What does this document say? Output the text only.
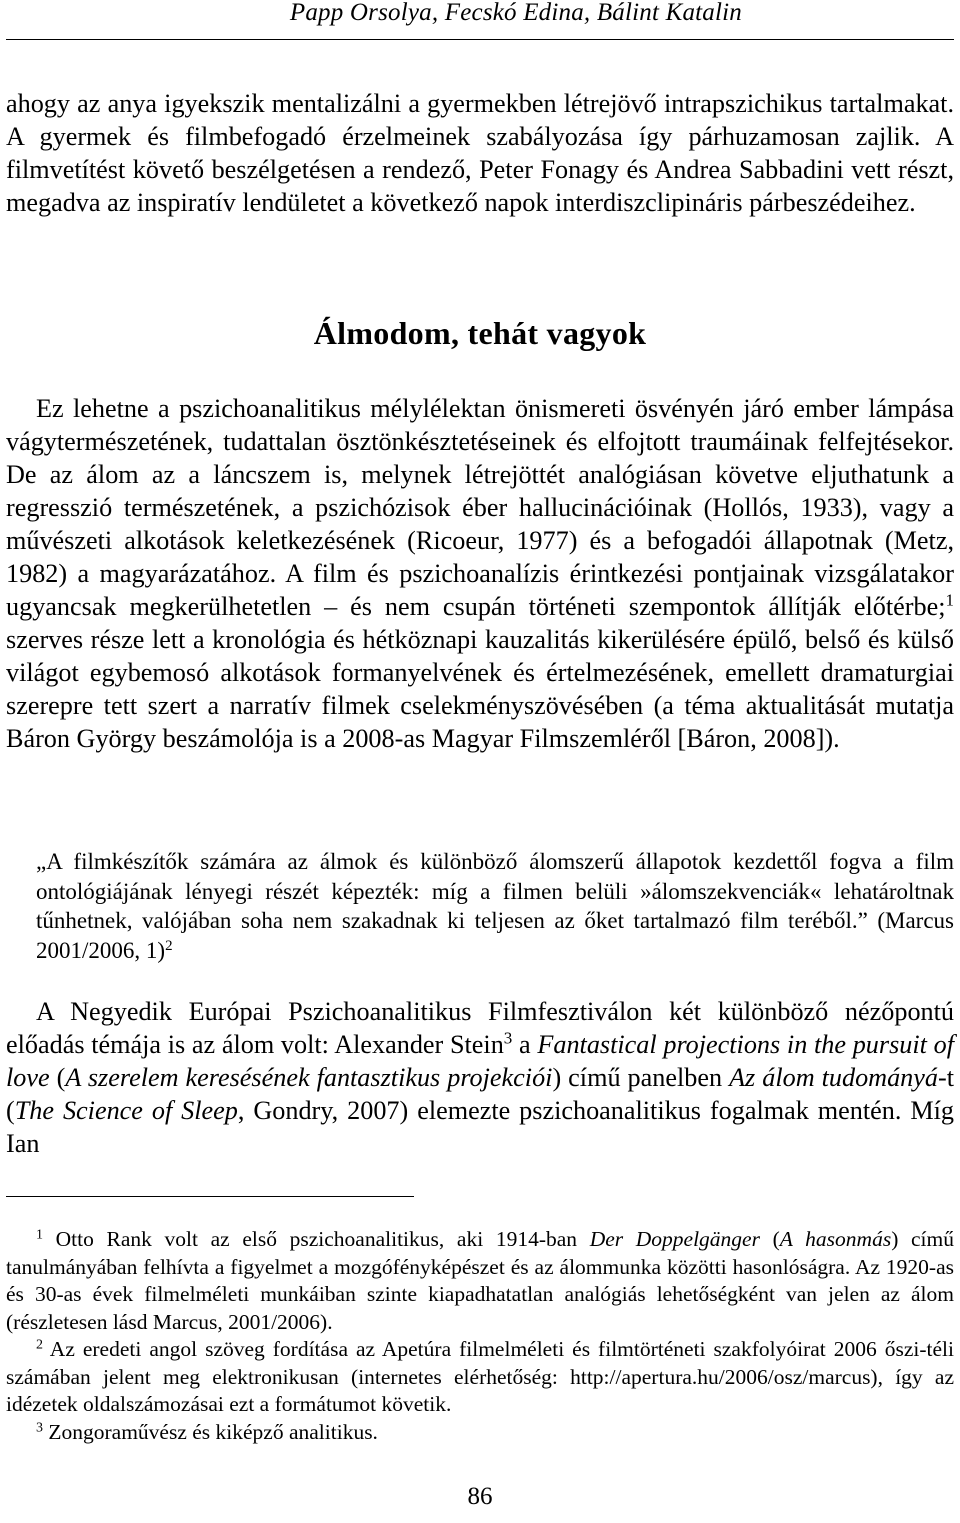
Papp Orsolya, Fecskó Edina, Bálint Katalin

ahogy az anya igyekszik mentalizálni a gyermekben létrejövő intrapszichikus tartalmakat. A gyermek és filmbefogadó érzelmeinek szabályozása így párhuzamosan zajlik. A filmvetítést követő beszélgetésen a rendező, Peter Fonagy és Andrea Sabbadini vett részt, megadva az inspiratív lendületet a következő napok interdiszclipináris párbeszédeihez.

Álmodom, tehát vagyok

Ez lehetne a pszichoanalitikus mélylélektan önismereti ösvényén járó ember lámpása vágytermészetének, tudattalan ösztönkésztetéseinek és elfojtott traumáinak felfejtésekor. De az álom az a láncszem is, melynek létrejöttét analógiásan követve eljuthatunk a regresszió természetének, a pszichózisok éber hallucinációinak (Hollós, 1933), vagy a művészeti alkotások keletkezésének (Ricoeur, 1977) és a befogadói állapotnak (Metz, 1982) a magyarázatához. A film és pszichoanalízis érintkezési pontjainak vizsgálatakor ugyancsak megkerülhetetlen – és nem csupán történeti szempontok állítják előtérbe;$^1$ szerves része lett a kronológia és hétköznapi kauzalitás kikerülésére épülő, belső és külső világot egybemosó alkotások formanyelvének és értelmezésének, emellett dramaturgiai szerepre tett szert a narratív filmek cselekményszövésében (a téma aktualitását mutatja Báron György beszámolója is a 2008-as Magyar Filmszemléről [Báron, 2008]).

„A filmkészítők számára az álmok és különböző álomszerű állapotok kezdettől fogva a film ontológiájának lényegi részét képezték: míg a filmen belüli »álomszekvenciák« lehatároltnak tűnhetnek, valójában soha nem szakadnak ki teljesen az őket tartalmazó film teréből.” (Marcus 2001/2006, 1)$^2$

A Negyedik Európai Pszichoanalitikus Filmfesztiválon két különböző nézőpontú előadás témája is az álom volt: Alexander Stein$^3$ a Fantastical projections in the pursuit of love (A szerelem keresésének fantasztikus projekciói) című panelben Az álom tudományá-t (The Science of Sleep, Gondry, 2007) elemezte pszichoanalitikus fogalmak mentén. Míg Ian

$^1$ Otto Rank volt az első pszichoanalitikus, aki 1914-ban Der Doppelgänger (A hasonmás) című tanulmányában felhívta a figyelmet a mozgófényképészet és az álommunka közötti hasonlóságra. Az 1920-as és 30-as évek filmelméleti munkáiban szinte kiapadhatatlan analógiás lehetőségként van jelen az álom (részletesen lásd Marcus, 2001/2006).

$^2$ Az eredeti angol szöveg fordítása az Apetúra filmelméleti és filmtörténeti szakfolyóirat 2006 őszi-téli számában jelent meg elektronikusan (internetes elérhetőség: http://apertura.hu/2006/osz/marcus), így az idézetek oldalszámozásai ezt a formátumot követik.

$^3$ Zongoraművész és kiképző analitikus.

86
